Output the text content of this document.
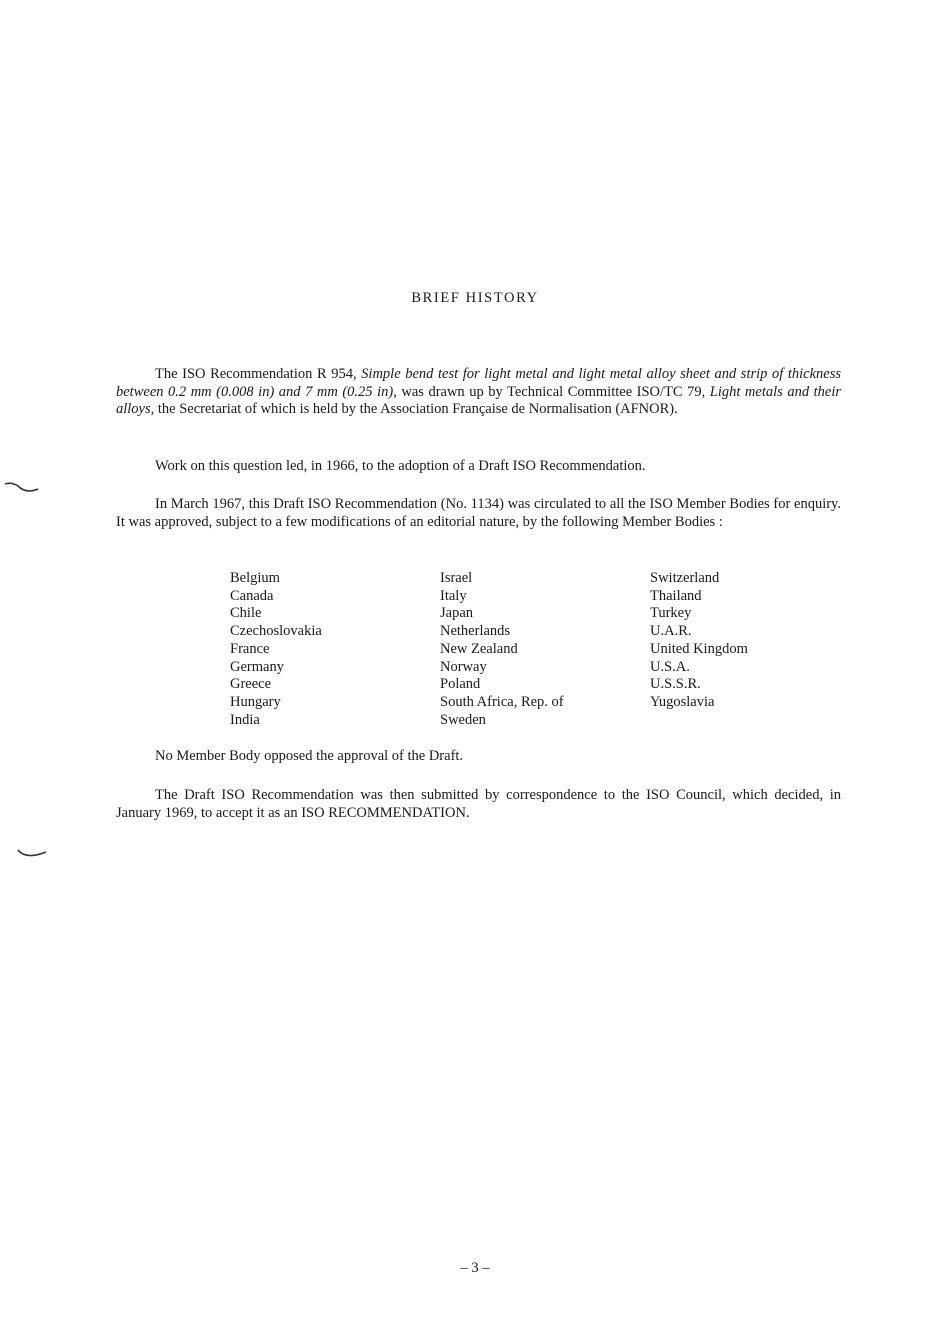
BRIEF HISTORY

The ISO Recommendation R 954, Simple bend test for light metal and light metal alloy sheet and strip of thickness between 0.2 mm (0.008 in) and 7 mm (0.25 in), was drawn up by Technical Committee ISO/TC 79, Light metals and their alloys, the Secretariat of which is held by the Association Française de Normalisation (AFNOR).

Work on this question led, in 1966, to the adoption of a Draft ISO Recommendation.

In March 1967, this Draft ISO Recommendation (No. 1134) was circulated to all the ISO Member Bodies for enquiry. It was approved, subject to a few modifications of an editorial nature, by the following Member Bodies :

Belgium
Canada
Chile
Czechoslovakia
France
Germany
Greece
Hungary
India
Israel
Italy
Japan
Netherlands
New Zealand
Norway
Poland
South Africa, Rep. of
Sweden
Switzerland
Thailand
Turkey
U.A.R.
United Kingdom
U.S.A.
U.S.S.R.
Yugoslavia

No Member Body opposed the approval of the Draft.

The Draft ISO Recommendation was then submitted by correspondence to the ISO Council, which decided, in January 1969, to accept it as an ISO RECOMMENDATION.

– 3 –
